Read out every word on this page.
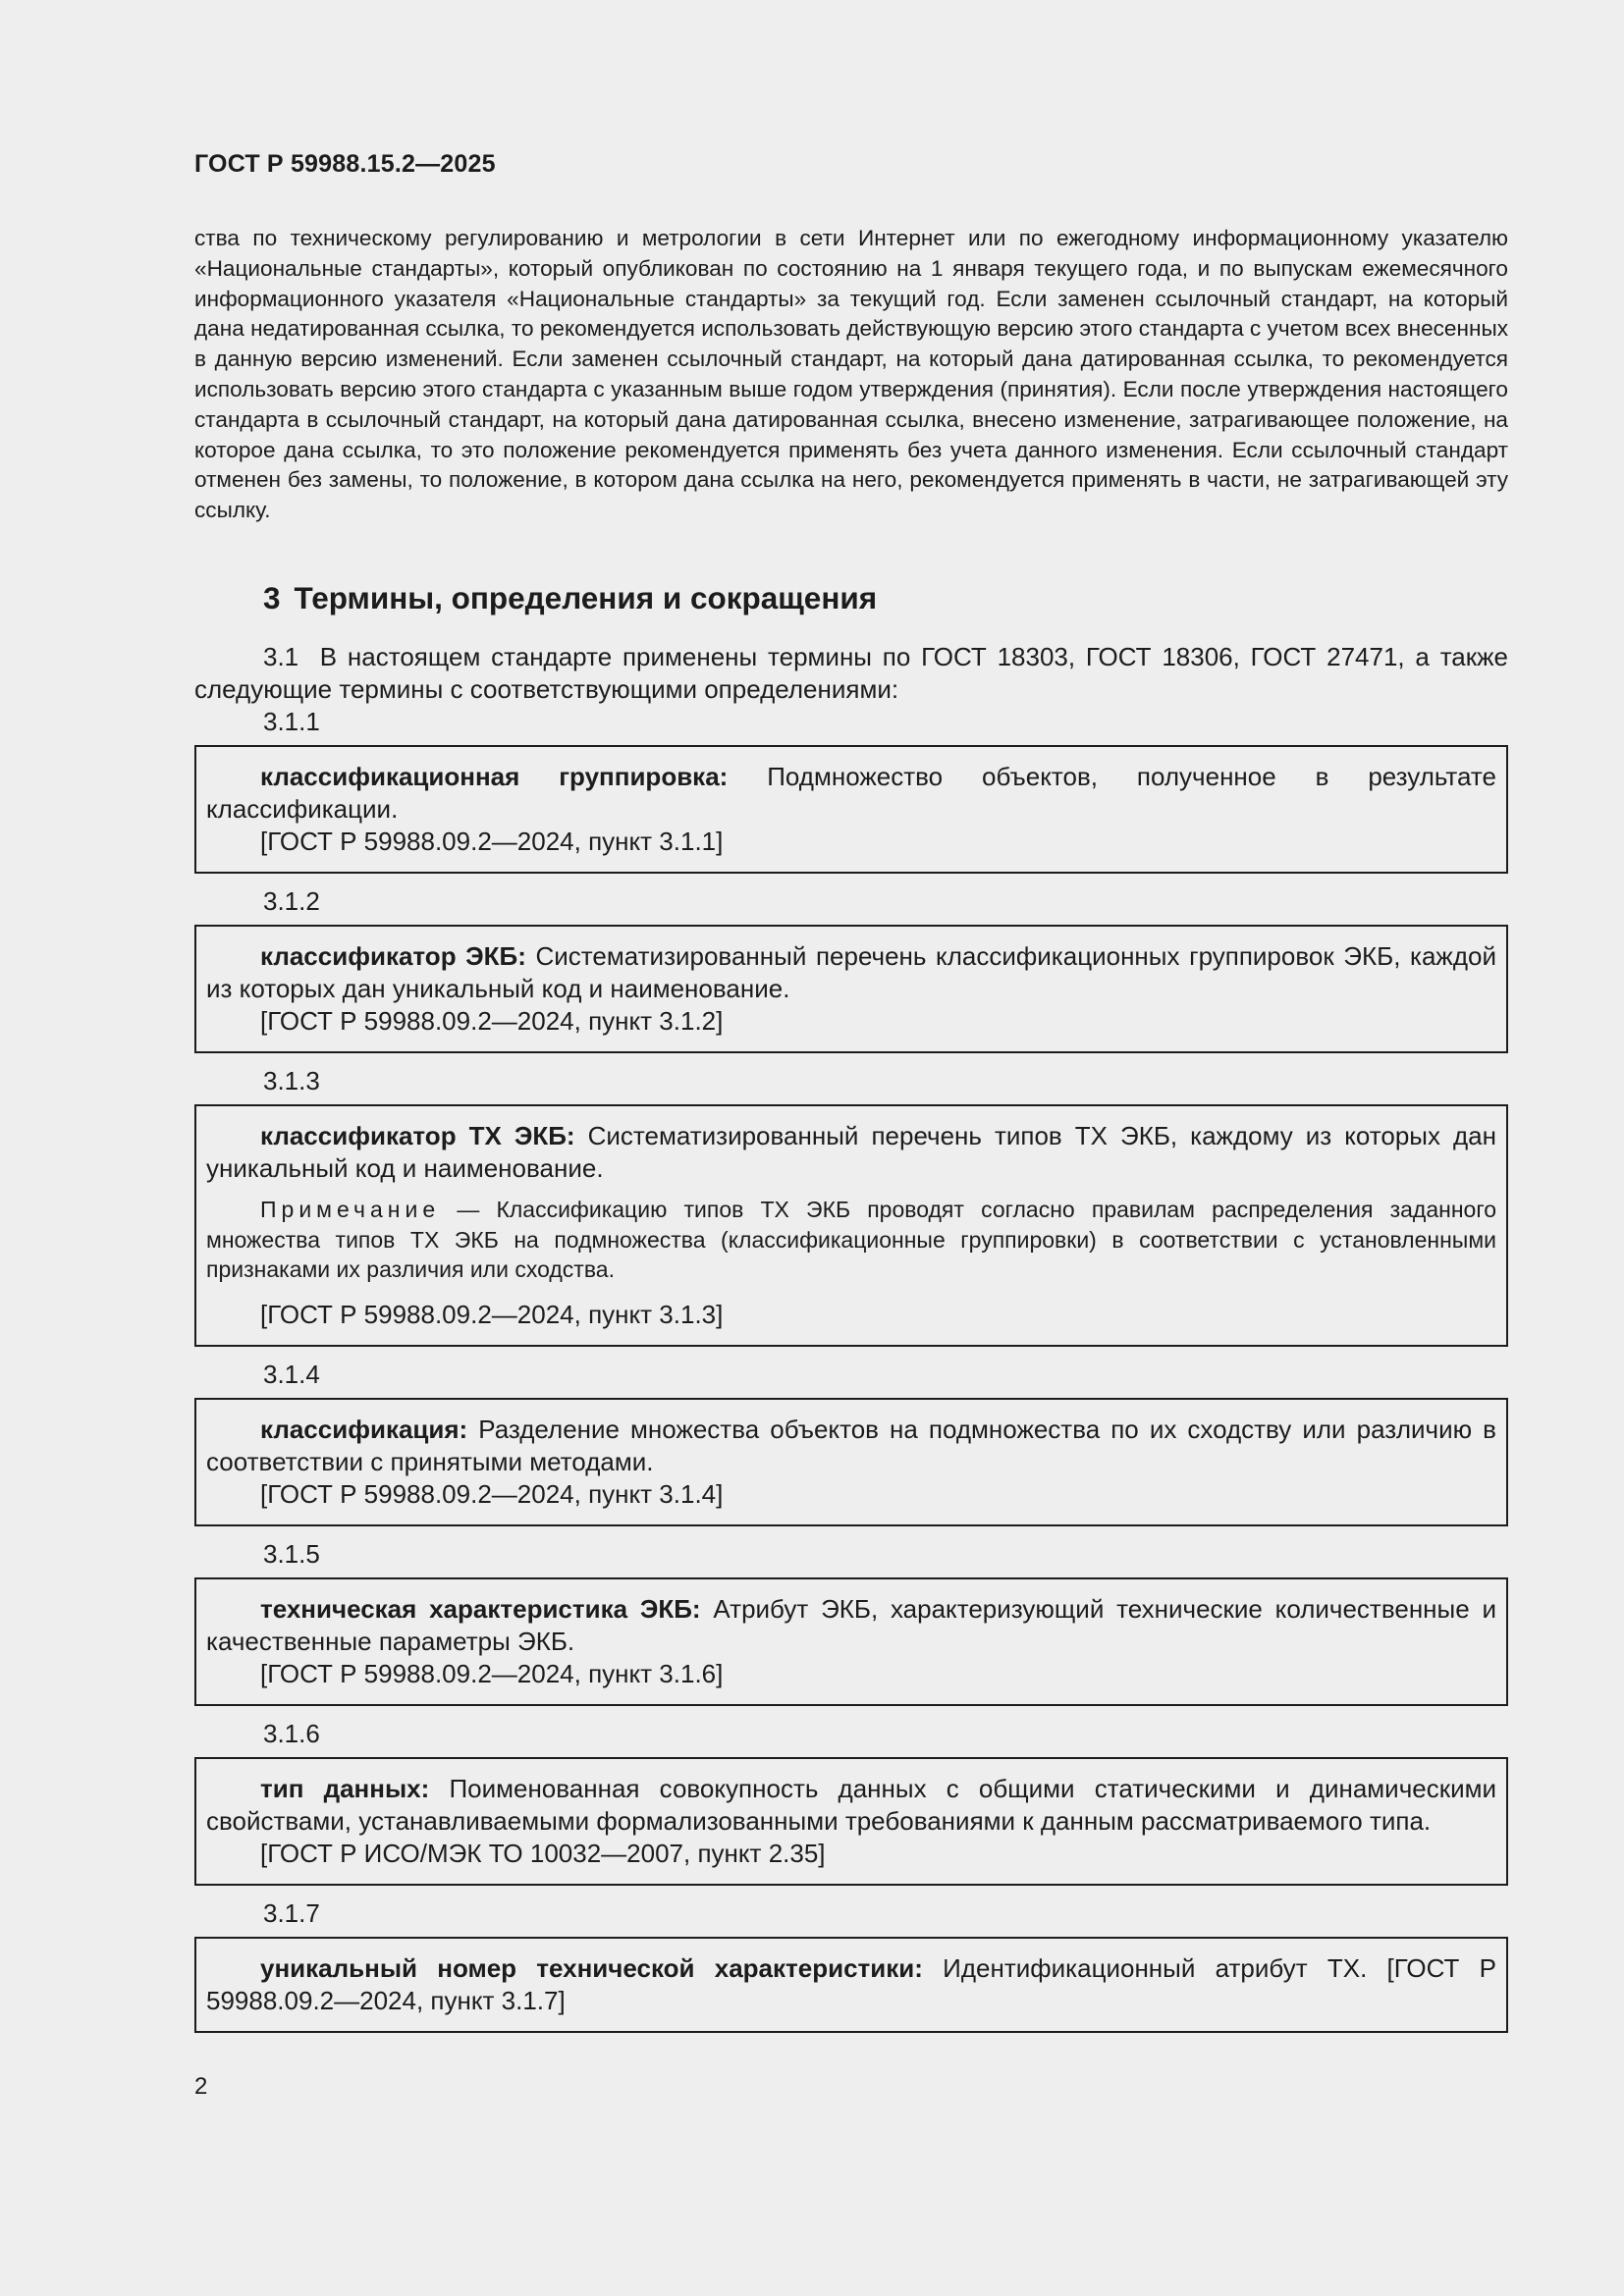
ГОСТ Р 59988.15.2—2025

ства по техническому регулированию и метрологии в сети Интернет или по ежегодному информационному указателю «Национальные стандарты», который опубликован по состоянию на 1 января текущего года, и по выпускам ежемесячного информационного указателя «Национальные стандарты» за текущий год. Если заменен ссылочный стандарт, на который дана недатированная ссылка, то рекомендуется использовать действующую версию этого стандарта с учетом всех внесенных в данную версию изменений. Если заменен ссылочный стандарт, на который дана датированная ссылка, то рекомендуется использовать версию этого стандарта с указанным выше годом утверждения (принятия). Если после утверждения настоящего стандарта в ссылочный стандарт, на который дана датированная ссылка, внесено изменение, затрагивающее положение, на которое дана ссылка, то это положение рекомендуется применять без учета данного изменения. Если ссылочный стандарт отменен без замены, то положение, в котором дана ссылка на него, рекомендуется применять в части, не затрагивающей эту ссылку.

3 Термины, определения и сокращения

3.1 В настоящем стандарте применены термины по ГОСТ 18303, ГОСТ 18306, ГОСТ 27471, а также следующие термины с соответствующими определениями:

3.1.1

классификационная группировка: Подмножество объектов, полученное в результате классификации.

[ГОСТ Р 59988.09.2—2024, пункт 3.1.1]

3.1.2

классификатор ЭКБ: Систематизированный перечень классификационных группировок ЭКБ, каждой из которых дан уникальный код и наименование.

[ГОСТ Р 59988.09.2—2024, пункт 3.1.2]

3.1.3

классификатор ТХ ЭКБ: Систематизированный перечень типов ТХ ЭКБ, каждому из которых дан уникальный код и наименование.

Примечание — Классификацию типов ТХ ЭКБ проводят согласно правилам распределения заданного множества типов ТХ ЭКБ на подмножества (классификационные группировки) в соответствии с установленными признаками их различия или сходства.

[ГОСТ Р 59988.09.2—2024, пункт 3.1.3]

3.1.4

классификация: Разделение множества объектов на подмножества по их сходству или различию в соответствии с принятыми методами.

[ГОСТ Р 59988.09.2—2024, пункт 3.1.4]

3.1.5

техническая характеристика ЭКБ: Атрибут ЭКБ, характеризующий технические количественные и качественные параметры ЭКБ.

[ГОСТ Р 59988.09.2—2024, пункт 3.1.6]

3.1.6

тип данных: Поименованная совокупность данных с общими статическими и динамическими свойствами, устанавливаемыми формализованными требованиями к данным рассматриваемого типа.

[ГОСТ Р ИСО/МЭК ТО 10032—2007, пункт 2.35]

3.1.7

уникальный номер технической характеристики: Идентификационный атрибут ТХ. [ГОСТ Р 59988.09.2—2024, пункт 3.1.7]

2
